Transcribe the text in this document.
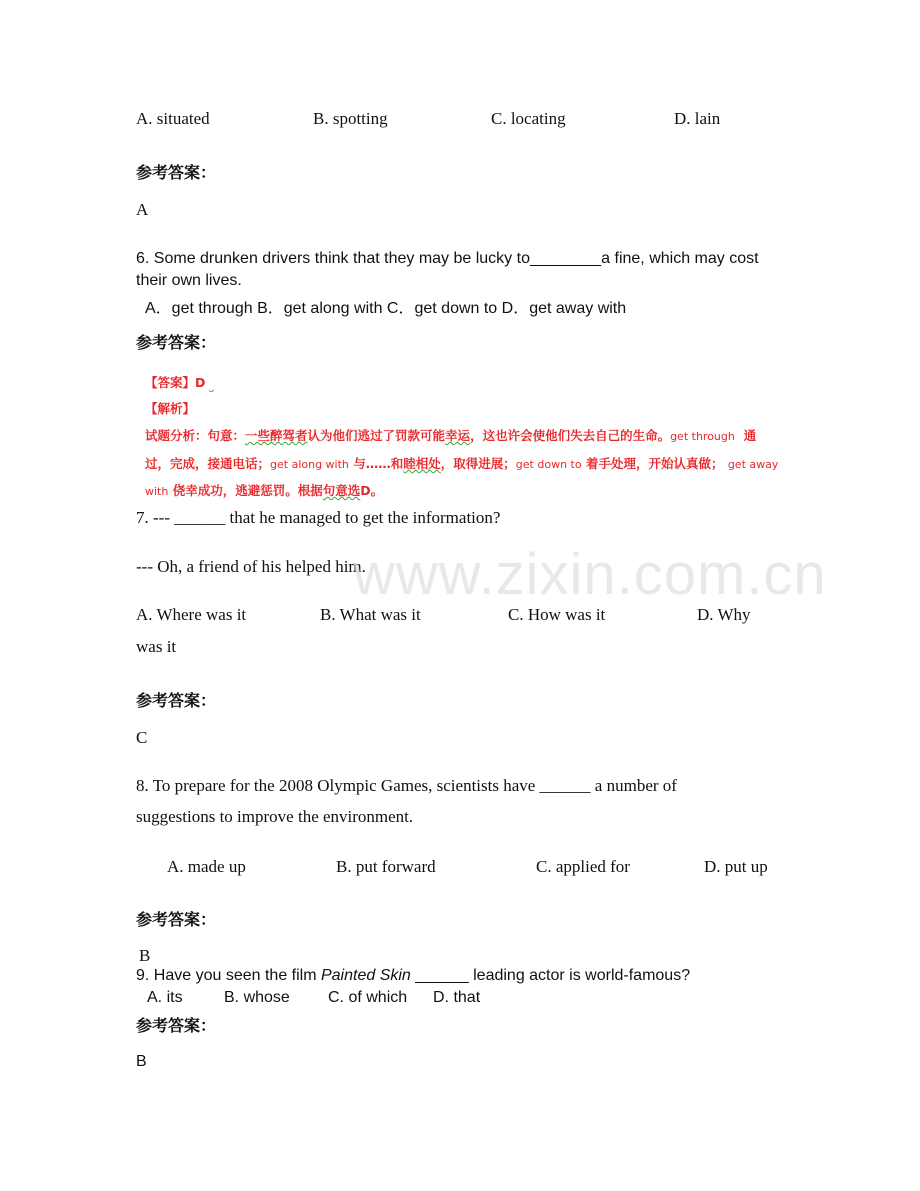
A. situated	B. spotting	C. locating	D. lain
参考答案：
A
6. Some drunken drivers think that they may be lucky to________a fine, which may cost
their own lives.
A．get through B．get along with C．get down to D．get away with
参考答案：
【答案】D
【解析】
试题分析：句意：一些醉驾者认为他们逃过了罚款可能幸运，这也许会使他们失去自己的生命。get through 通
过，完成，接通电话；get along with 与……和睦相处，取得进展；get down to 着手处理，开始认真做； get away
with 侥幸成功，逃避惩罚。根据句意选D。
7. --- ______ that he managed to get the information?
--- Oh, a friend of his helped him.
A. Where was it	B. What was it	C. How was it	D. Why
was it
参考答案：
C
8. To prepare for the 2008 Olympic Games, scientists have ______ a number of
suggestions to improve the environment.
A. made up	B. put forward	C. applied for	D. put up
参考答案：
B
9. Have you seen the film Painted Skin ______ leading actor is world-famous?
A. its	B. whose C. of which D. that
参考答案：
B
www.zixin.com.cn
